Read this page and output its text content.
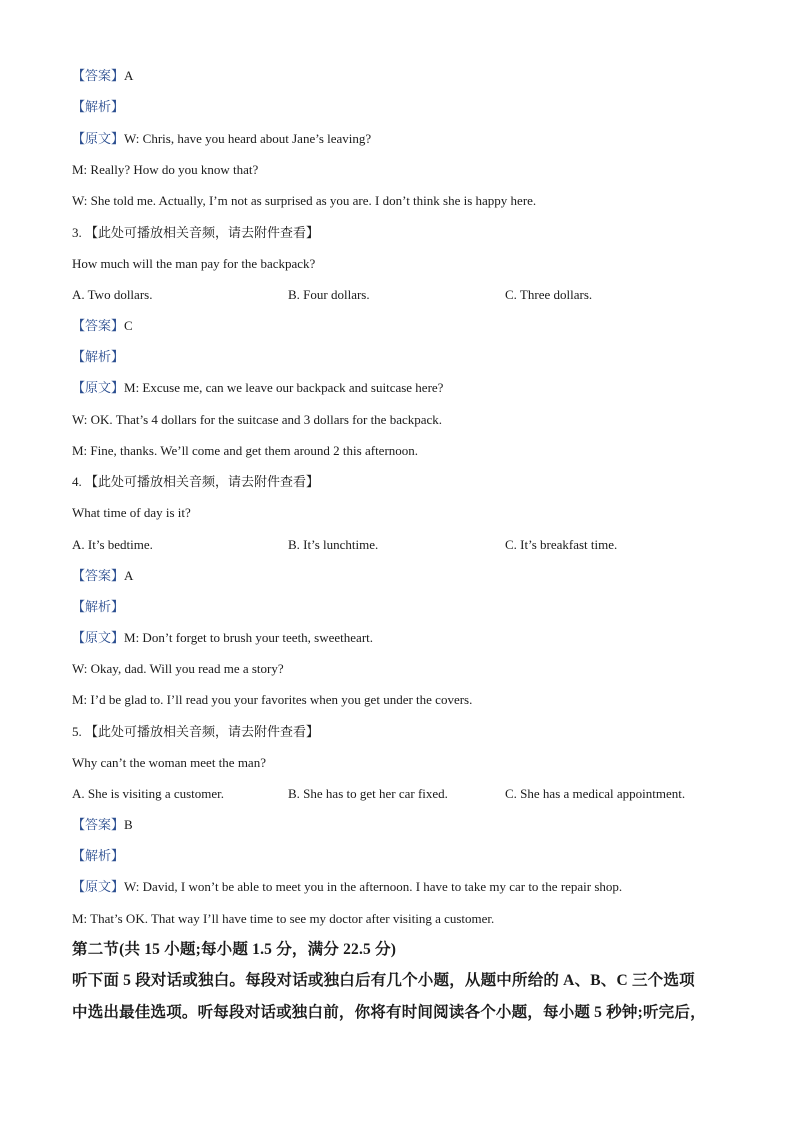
【答案】A
【解析】
【原文】W: Chris, have you heard about Jane’s leaving?
M: Really? How do you know that?
W: She told me. Actually, I’m not as surprised as you are. I don’t think she is happy here.
3. 【此处可播放相关音频，请去附件查看】
How much will the man pay for the backpack?
A. Two dollars.	B. Four dollars.	C. Three dollars.
【答案】C
【解析】
【原文】M: Excuse me, can we leave our backpack and suitcase here?
W: OK. That’s 4 dollars for the suitcase and 3 dollars for the backpack.
M: Fine, thanks. We’ll come and get them around 2 this afternoon.
4. 【此处可播放相关音频，请去附件查看】
What time of day is it?
A. It’s bedtime.	B. It’s lunchtime.	C. It’s breakfast time.
【答案】A
【解析】
【原文】M: Don’t forget to brush your teeth, sweetheart.
W: Okay, dad. Will you read me a story?
M: I’d be glad to. I’ll read you your favorites when you get under the covers.
5. 【此处可播放相关音频，请去附件查看】
Why can’t the woman meet the man?
A. She is visiting a customer.	B. She has to get her car fixed.	C. She has a medical appointment.
【答案】B
【解析】
【原文】W: David, I won’t be able to meet you in the afternoon. I have to take my car to the repair shop.
M: That’s OK. That way I’ll have time to see my doctor after visiting a customer.
第二节(共 15 小题;每小题 1.5 分，满分 22.5 分)
听下面 5 段对话或独白。每段对话或独白后有几个小题，从题中所给的 A、B、C 三个选项
中选出最佳选项。听每段对话或独白前，你将有时间阅读各个小题，每小题 5 秒钟;听完后，
